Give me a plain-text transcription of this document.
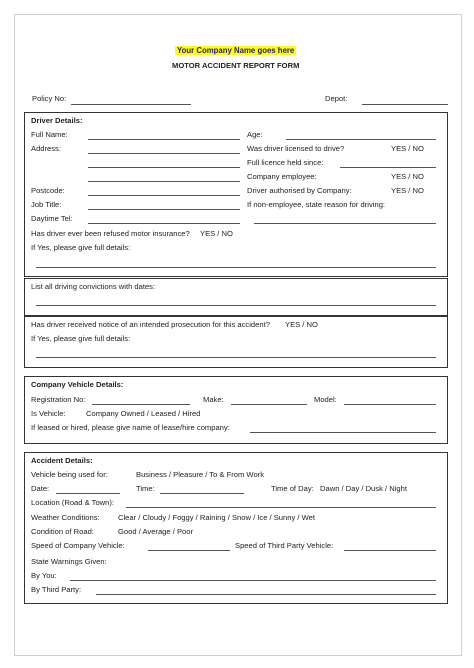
Your Company Name goes here
MOTOR ACCIDENT REPORT FORM
Policy No:	Depot:
Driver Details:
Full Name:
Address:
Postcode:
Job Title:
Daytime Tel:
Age:
Was driver licensed to drive?	YES / NO
Full licence held since:
Company employee:	YES / NO
Driver authorised by Company:	YES / NO
If non-employee, state reason for driving:
Has driver ever been refused motor insurance? YES / NO
If Yes, please give full details:
List all driving convictions with dates:
Has driver received notice of an intended prosecution for this accident? YES / NO
If Yes, please give full details:
Company Vehicle Details:
Registration No:	Make:	Model:
Is Vehicle:	Company Owned / Leased / Hired
If leased or hired, please give name of lease/hire company:
Accident Details:
Vehicle being used for:	Business / Pleasure / To & From Work
Date:	Time:	Time of Day: Dawn / Day / Dusk / Night
Location (Road & Town):
Weather Conditions: Clear / Cloudy / Foggy / Raining / Snow / Ice / Sunny / Wet
Condition of Road:	Good / Average / Poor
Speed of Company Vehicle:	Speed of Third Party Vehicle:
State Warnings Given:
By You:
By Third Party:
